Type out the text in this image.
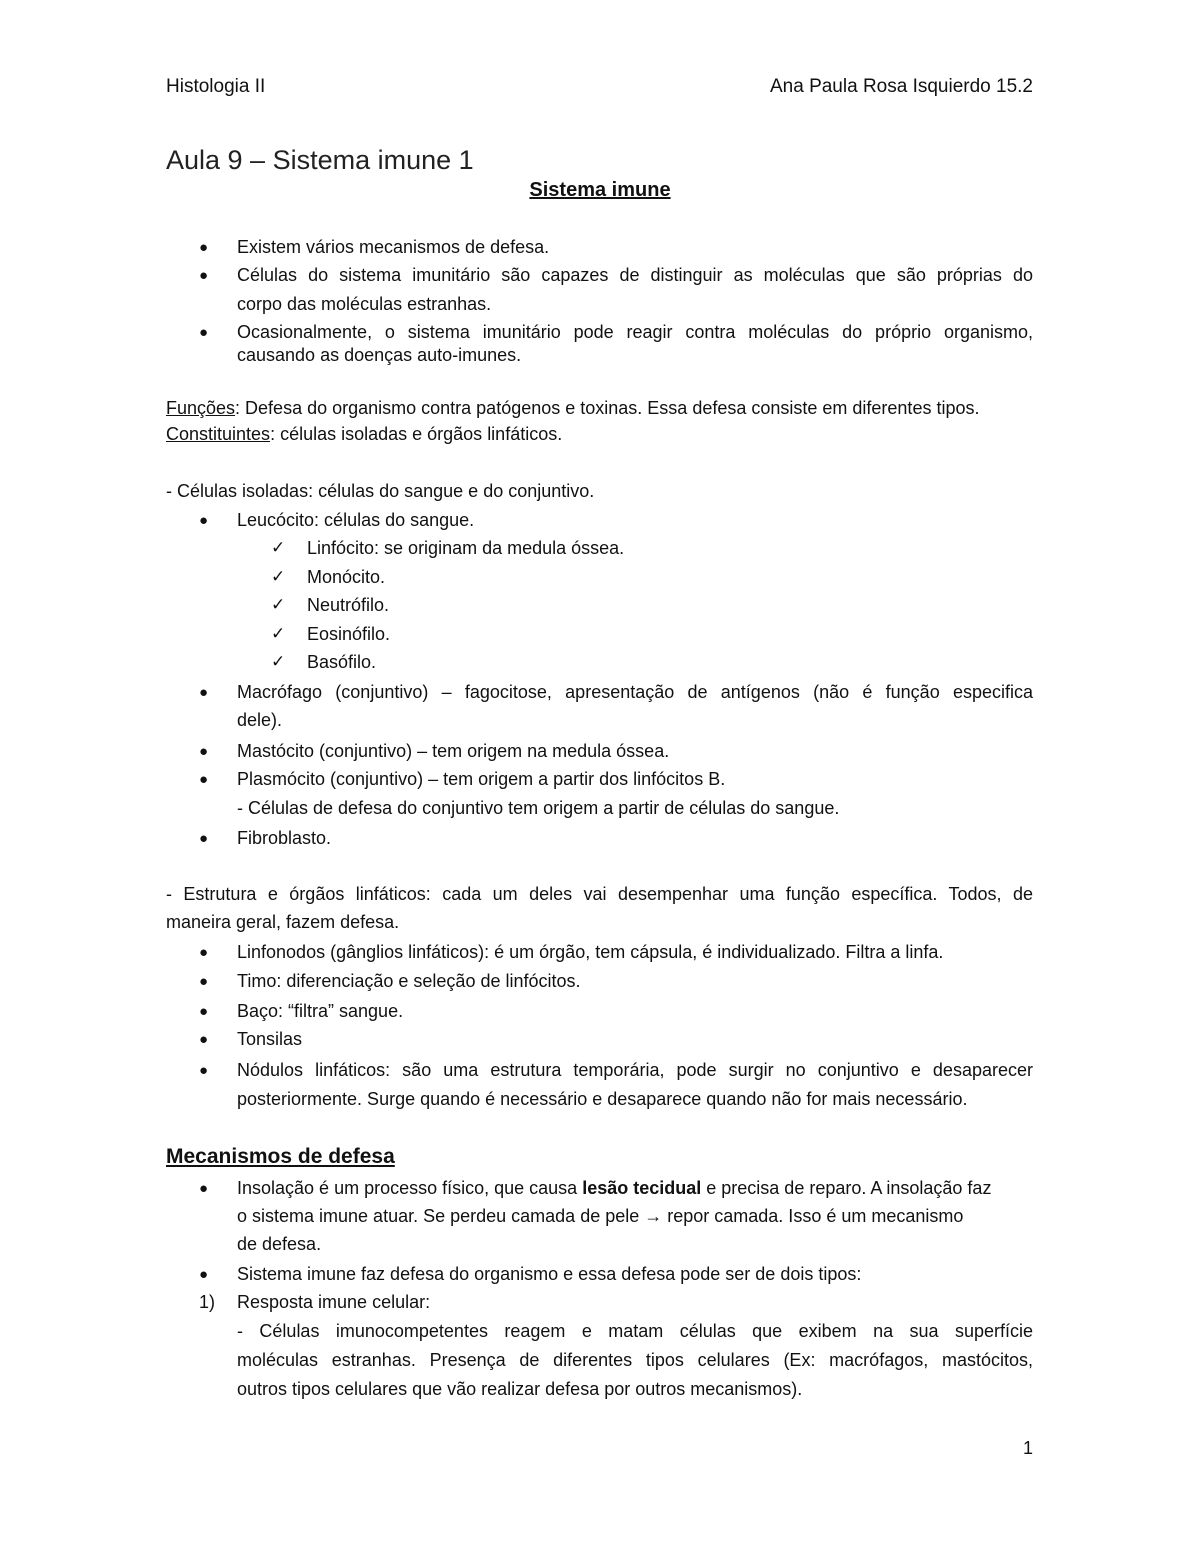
Histologia II	Ana Paula Rosa Isquierdo 15.2
Aula 9 – Sistema imune 1
Sistema imune
● Existem vários mecanismos de defesa.
● Células do sistema imunitário são capazes de distinguir as moléculas que são próprias do
corpo das moléculas estranhas.
● Ocasionalmente, o sistema imunitário pode reagir contra moléculas do próprio organismo,
causando as doenças auto-imunes.
Funções: Defesa do organismo contra patógenos e toxinas. Essa defesa consiste em diferentes tipos.
Constituintes: células isoladas e órgãos linfáticos.
- Células isoladas: células do sangue e do conjuntivo.
● Leucócito: células do sangue.
✓ Linfócito: se originam da medula óssea.
✓ Monócito.
✓ Neutrófilo.
✓ Eosinófilo.
✓ Basófilo.
● Macrófago (conjuntivo) – fagocitose, apresentação de antígenos (não é função especifica
dele).
● Mastócito (conjuntivo) – tem origem na medula óssea.
● Plasmócito (conjuntivo) – tem origem a partir dos linfócitos B.
- Células de defesa do conjuntivo tem origem a partir de células do sangue.
● Fibroblasto.
- Estrutura e órgãos linfáticos: cada um deles vai desempenhar uma função específica. Todos, de
maneira geral, fazem defesa.
● Linfonodos (gânglios linfáticos): é um órgão, tem cápsula, é individualizado. Filtra a linfa.
● Timo: diferenciação e seleção de linfócitos.
● Baço: “filtra” sangue.
● Tonsilas
● Nódulos linfáticos: são uma estrutura temporária, pode surgir no conjuntivo e desaparecer
posteriormente. Surge quando é necessário e desaparece quando não for mais necessário.
Mecanismos de defesa
● Insolação é um processo físico, que causa lesão tecidual e precisa de reparo. A insolação faz
o sistema imune atuar. Se perdeu camada de pele → repor camada. Isso é um mecanismo
de defesa.
● Sistema imune faz defesa do organismo e essa defesa pode ser de dois tipos:
1) Resposta imune celular:
- Células imunocompetentes reagem e matam células que exibem na sua superfície
moléculas estranhas. Presença de diferentes tipos celulares (Ex: macrófagos, mastócitos,
outros tipos celulares que vão realizar defesa por outros mecanismos).
1
